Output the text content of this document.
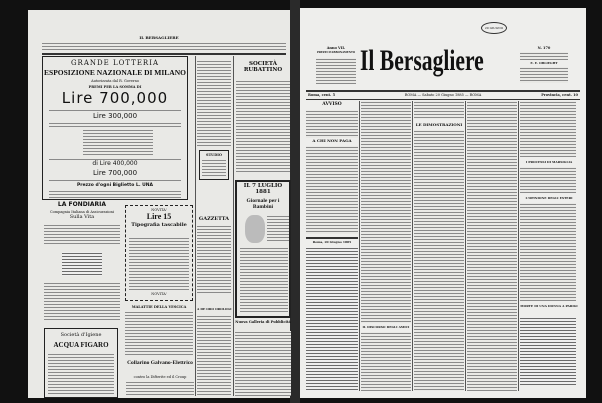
IL BERSAGLIERE
GRANDE LOTTERIA
ESPOSIZIONE NAZIONALE DI MILANO
Autorizzata dal R. Governo
PREMI PER LA SOMMA DI
Lire 700,000
Lire 300,000
di Lire 400,000
Lire 700,000
Prezzo d'ogni Biglietto L. UNA
LA FONDIARIA
Compagnia Italiana di Assicurazioni
Sulla Vita
Società d'Igiene
ACQUA FIGARO
NOVITA'
Lire 15
Tipografia tascabile
NOVITA'
MALATTIE DELLA VESCICA
Collarino Galvano-Elettrico
contro la Difterite ed il Croup
STUDIO
GAZZETTA
A DE ORO OROLOGI
SOCIETÀ RUBATTINO
IL 7 LUGLIO 1881
Giornale per i Bambini
Nuova Galleria di Pubblicità
20 GIUGNO
Anno VII.
PREZZI D'ABBONAMENTO Il Bersagliere	N. 170
E. E. OBLIEGHT
Roma, cent. 5	ROMA — Sabato 20 Giugno 1885 — ROMA	Provincia, cent. 10
AVVISO
A CHI NON PAGA
Roma, 20 Giugno 1885
IL DISCORSO DEGLI AMICI
LE DIMOSTRAZIONI
I PROCESSI DI MARSIGLIA
L'OPINIONE DEGLI ESTERI
MORTE DI UNA DONNA A PARIGI
